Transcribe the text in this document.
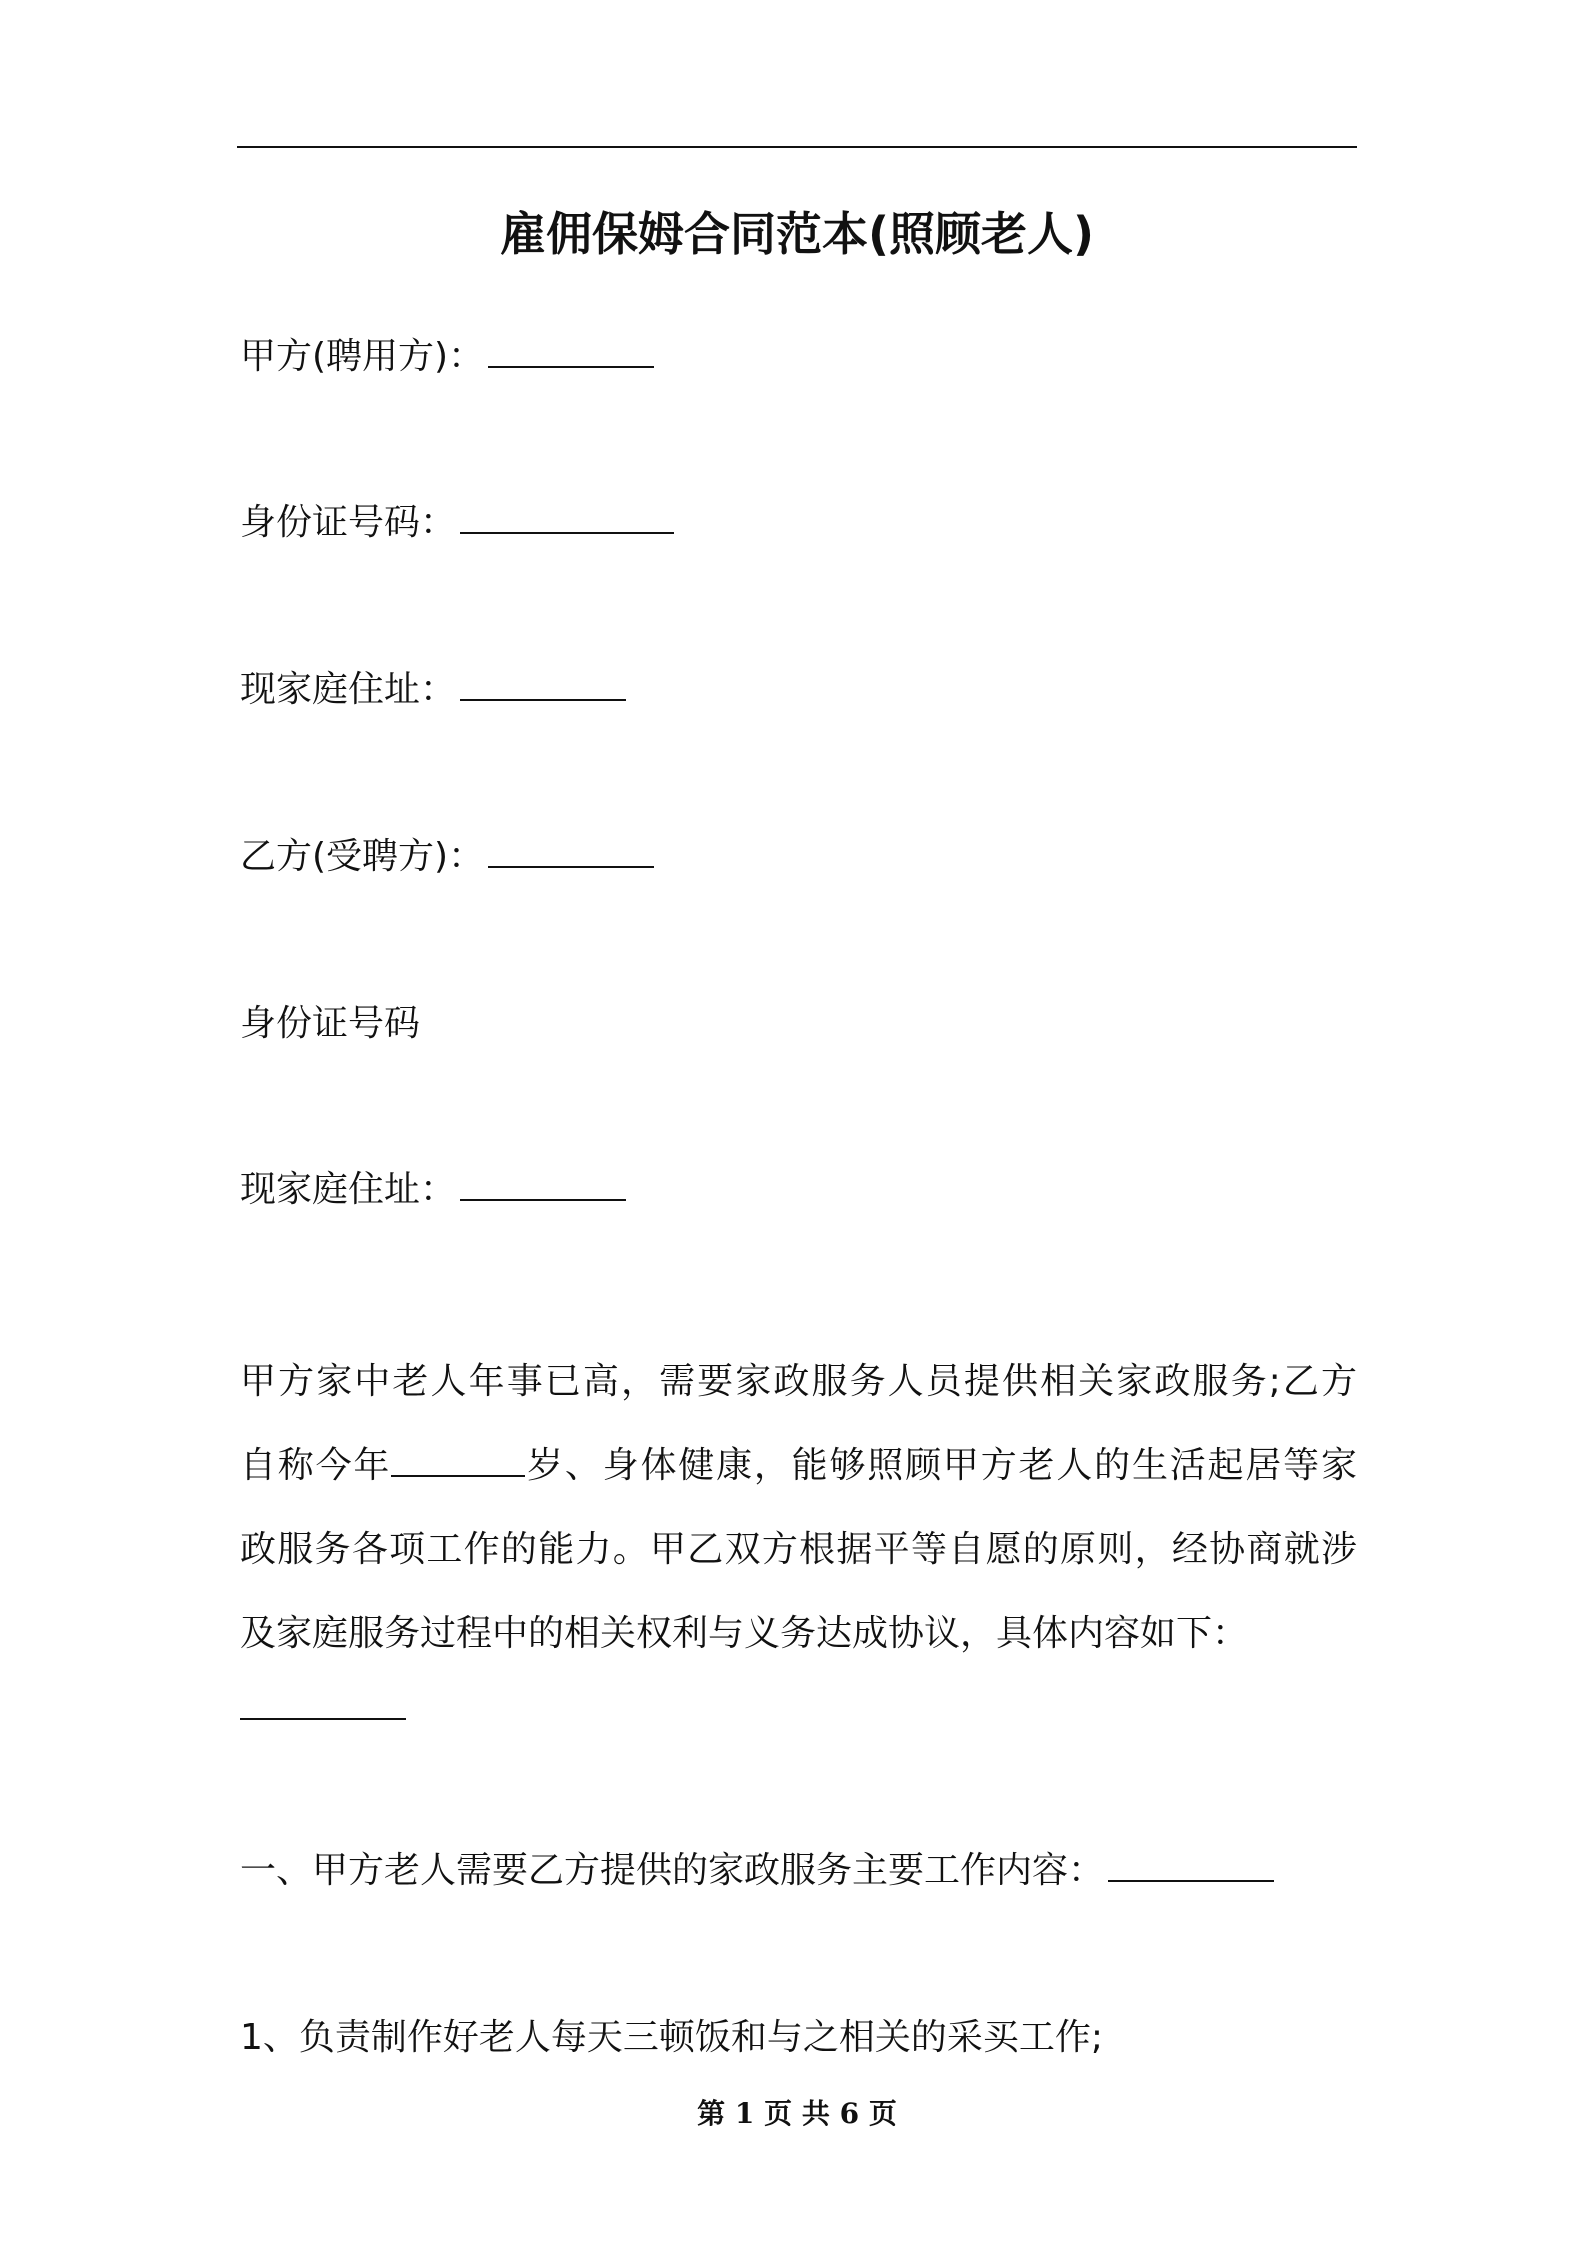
雇佣保姆合同范本(照顾老人)
甲方(聘用方)：
身份证号码：
现家庭住址：
乙方(受聘方)：
身份证号码
现家庭住址：
甲方家中老人年事已高，需要家政服务人员提供相关家政服务;乙方
自称今年	岁、身体健康，能够照顾甲方老人的生活起居等家
政服务各项工作的能力。甲乙双方根据平等自愿的原则，经协商就涉
及家庭服务过程中的相关权利与义务达成协议，具体内容如下：
一、甲方老人需要乙方提供的家政服务主要工作内容：
1、负责制作好老人每天三顿饭和与之相关的采买工作;
第 1 页 共 6 页
